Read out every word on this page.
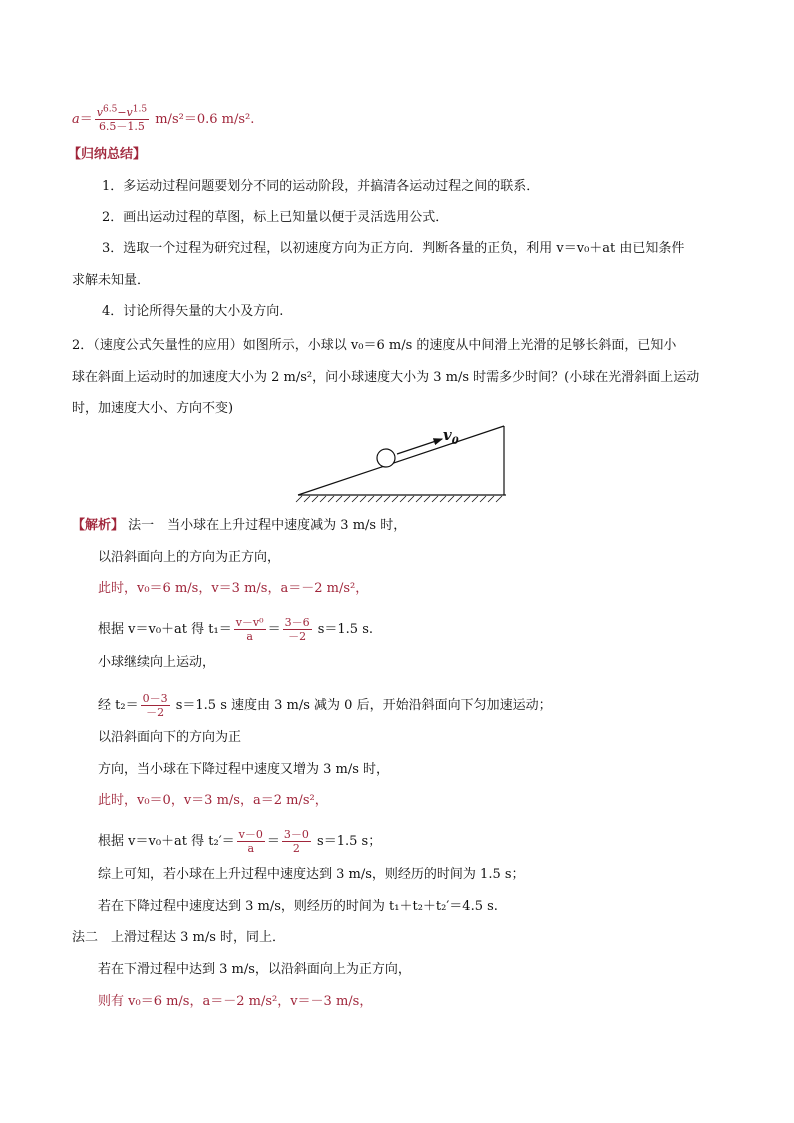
$a= \frac{v^{6.5}-v^{1.5}}{6.5-1.5} m/s^2=0.6$ m/s².
【归纳总结】
1．多运动过程问题要划分不同的运动阶段，并搞清各运动过程之间的联系．
2．画出运动过程的草图，标上已知量以便于灵活选用公式．
3．选取一个过程为研究过程，以初速度方向为正方向．判断各量的正负，利用 v＝v₀＋at 由已知条件
求解未知量．
4．讨论所得矢量的大小及方向.
2．（速度公式矢量性的应用）如图所示，小球以 v₀＝6 m/s 的速度从中间滑上光滑的足够长斜面，已知小
球在斜面上运动时的加速度大小为 2 m/s²，问小球速度大小为 3 m/s 时需多少时间？(小球在光滑斜面上运动
时，加速度大小、方向不变)
$v_0$
【解析】 法一　当小球在上升过程中速度减为 3 m/s 时，
以沿斜面向上的方向为正方向，
此时，v₀＝6 m/s，v＝3 m/s，a＝－2 m/s²，
根据 v＝v₀＋at 得 $t_1= \frac{\text{v－v⁰}}{a} = \frac{3-6}{-2} s=1.5$ s.
小球继续向上运动，
经 $t_2= \frac{0-3}{-2} s=1.5$ s 速度由 3 m/s 减为 0 后，开始沿斜面向下匀加速运动；
以沿斜面向下的方向为正
方向，当小球在下降过程中速度又增为 3 m/s 时，
此时，v₀＝0，v＝3 m/s，a＝2 m/s²，
根据 v＝v₀＋at 得 $t_2'= \frac{v-0}{a} = \frac{3-0}{2} s=1.5$ s；
综上可知，若小球在上升过程中速度达到 3 m/s，则经历的时间为 1.5 s；
若在下降过程中速度达到 3 m/s，则经历的时间为 t₁＋t₂＋t₂′＝4.5 s.
法二　上滑过程达 3 m/s 时，同上．
若在下滑过程中达到 3 m/s，以沿斜面向上为正方向，
则有 v₀＝6 m/s，a＝－2 m/s²，v＝－3 m/s，
